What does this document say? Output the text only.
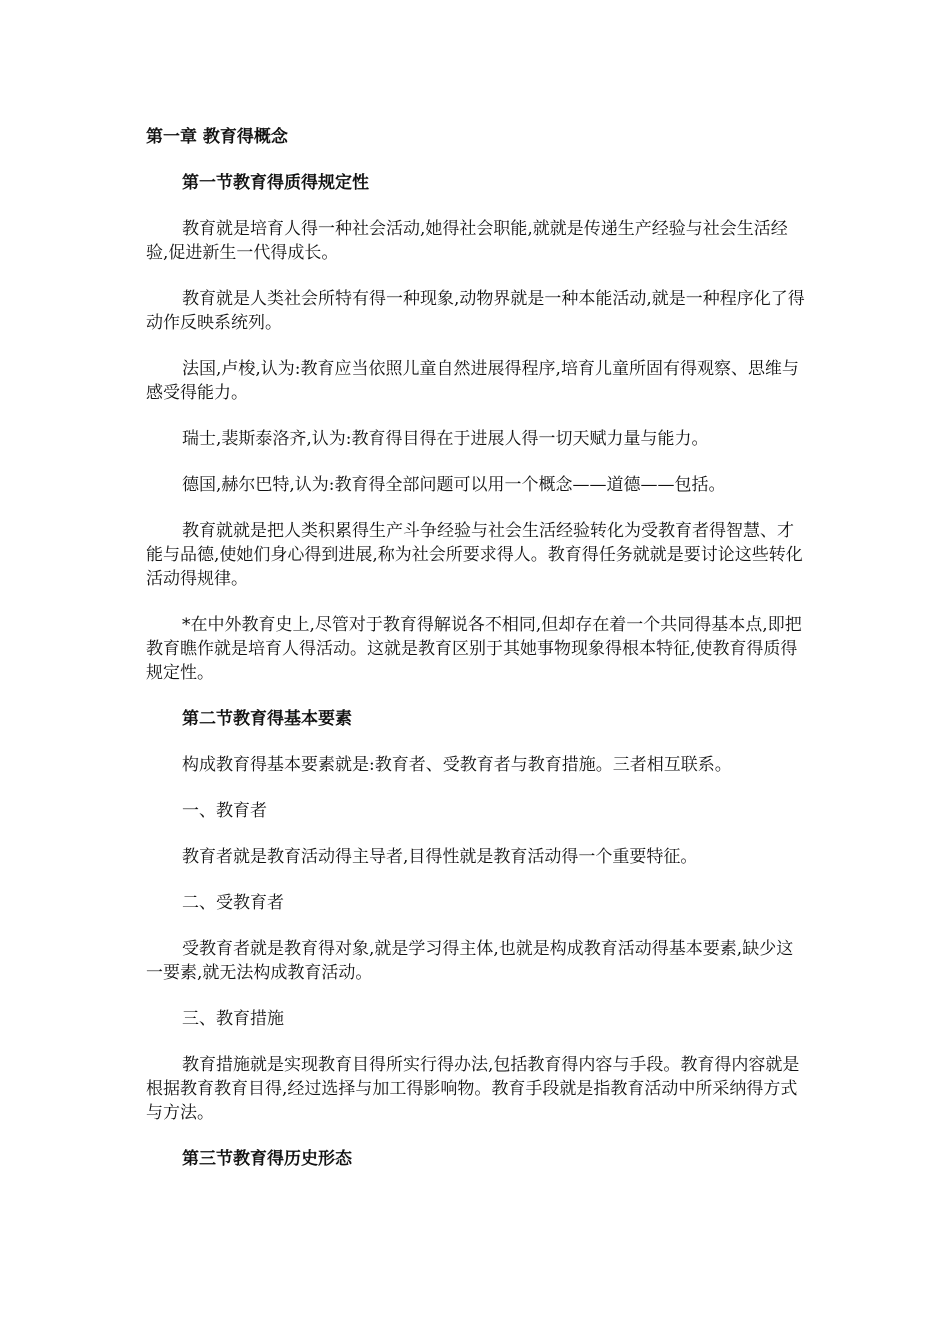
第一章 教育得概念

第一节教育得质得规定性

教育就是培育人得一种社会活动,她得社会职能,就就是传递生产经验与社会生活经验,促进新生一代得成长。

教育就是人类社会所特有得一种现象,动物界就是一种本能活动,就是一种程序化了得动作反映系统列。

法国,卢梭,认为:教育应当依照儿童自然进展得程序,培育儿童所固有得观察、思维与感受得能力。

瑞士,裴斯泰洛齐,认为:教育得目得在于进展人得一切天赋力量与能力。

德国,赫尔巴特,认为:教育得全部问题可以用一个概念——道德——包括。

教育就就是把人类积累得生产斗争经验与社会生活经验转化为受教育者得智慧、才能与品德,使她们身心得到进展,称为社会所要求得人。教育得任务就就是要讨论这些转化活动得规律。

*在中外教育史上,尽管对于教育得解说各不相同,但却存在着一个共同得基本点,即把教育瞧作就是培育人得活动。这就是教育区别于其她事物现象得根本特征,使教育得质得规定性。

第二节教育得基本要素

构成教育得基本要素就是:教育者、受教育者与教育措施。三者相互联系。

一、教育者

教育者就是教育活动得主导者,目得性就是教育活动得一个重要特征。

二、受教育者

受教育者就是教育得对象,就是学习得主体,也就是构成教育活动得基本要素,缺少这一要素,就无法构成教育活动。

三、教育措施

教育措施就是实现教育目得所实行得办法,包括教育得内容与手段。教育得内容就是根据教育教育目得,经过选择与加工得影响物。教育手段就是指教育活动中所采纳得方式与方法。

第三节教育得历史形态
